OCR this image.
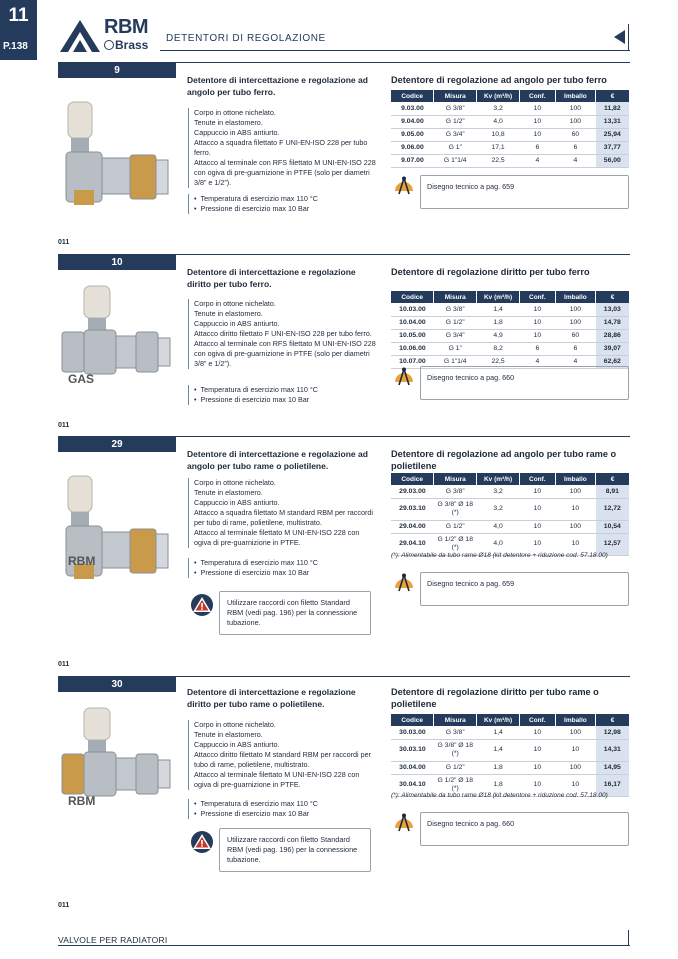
11
P.138
RBM
Brass DETENTORI DI REGOLAZIONE
9
Detentore di intercettazione e regolazione ad angolo per tubo ferro.
Corpo in ottone nichelato.
Tenute in elastomero.
Cappuccio in ABS antiurto.
Attacco a squadra filettato F UNI-EN-ISO 228 per tubo ferro.
Attacco al terminale con RFS filettato M UNI-EN-ISO 228 con ogiva di pre-guarnizione in PTFE (solo per diametri 3/8” e 1/2”).
• Temperatura di esercizio max 110 °C
• Pressione di esercizio max 10 Bar
Detentore di regolazione ad angolo per tubo ferro
Codice	Misura	Kv (m³/h)	Conf.	Imballo	€
9.03.00	G 3/8”	3,2	10	100	11,82
9.04.00	G 1/2”	4,0	10	100	13,31
9.05.00	G 3/4”	10,8	10	60	25,94
9.06.00	G 1”	17,1	6	6	37,77
9.07.00	G 1”1/4	22,5	4	4	56,00
Disegno tecnico a pag. 659
011
10
GAS
Detentore di intercettazione e regolazione diritto per tubo ferro.
Corpo in ottone nichelato.
Tenute in elastomero.
Cappuccio in ABS antiurto.
Attacco diritto filettato F UNI-EN-ISO 228 per tubo ferro.
Attacco al terminale con RFS filettato M UNI-EN-ISO 228 con ogiva di pre-guarnizione in PTFE (solo per diametri 3/8” e 1/2”).
• Temperatura di esercizio max 110 °C
• Pressione di esercizio max 10 Bar
Detentore di regolazione diritto per tubo ferro
Codice	Misura	Kv (m³/h)	Conf.	Imballo	€
10.03.00	G 3/8”	1,4	10	100	13,03
10.04.00	G 1/2”	1,8	10	100	14,78
10.05.00	G 3/4”	4,9	10	60	28,86
10.06.00	G 1”	8,2	6	6	39,07
10.07.00	G 1”1/4	22,5	4	4	62,62
Disegno tecnico a pag. 660
011
29
RBM
Detentore di intercettazione e regolazione ad angolo per tubo rame o polietilene.
Corpo in ottone nichelato.
Tenute in elastomero.
Cappuccio in ABS antiurto.
Attacco a squadra filettato M standard RBM per raccordi per tubo di rame, polietilene, multistrato.
Attacco al terminale filettato M UNI-EN-ISO 228 con ogiva di pre-guarnizione in PTFE.
• Temperatura di esercizio max 110 °C
• Pressione di esercizio max 10 Bar
Utilizzare raccordi con filetto Standard RBM (vedi pag. 196) per la connessione tubazione.
Detentore di regolazione ad angolo per tubo rame o polietilene
Codice	Misura	Kv (m³/h)	Conf.	Imballo	€
29.03.00	G 3/8”	3,2	10	100	8,91
29.03.10	G 3/8” Ø 18 (*)	3,2	10	10	12,72
29.04.00	G 1/2”	4,0	10	100	10,54
29.04.10	G 1/2” Ø 18 (*)	4,0	10	10	12,57
(*): Alimentabile da tubo rame Ø18 (kit detentore + riduzione cod. 57.18.00)
Disegno tecnico a pag. 659
011
30
RBM
Detentore di intercettazione e regolazione diritto per tubo rame o polietilene.
Corpo in ottone nichelato.
Tenute in elastomero.
Cappuccio in ABS antiurto.
Attacco diritto filettato M standard RBM per raccordi per tubo di rame, polietilene, multistrato.
Attacco al terminale filettato M UNI-EN-ISO 228 con ogiva di pre-guarnizione in PTFE.
• Temperatura di esercizio max 110 °C
• Pressione di esercizio max 10 Bar
Utilizzare raccordi con filetto Standard RBM (vedi pag. 196) per la connessione tubazione.
Detentore di regolazione diritto per tubo rame o polietilene
Codice	Misura	Kv (m³/h)	Conf.	Imballo	€
30.03.00	G 3/8”	1,4	10	100	12,98
30.03.10	G 3/8” Ø 18 (*)	1,4	10	10	14,31
30.04.00	G 1/2”	1,8	10	100	14,95
30.04.10	G 1/2” Ø 18 (*)	1,8	10	10	16,17
(*): Alimentabile da tubo rame Ø18 (kit detentore + riduzione cod. 57.18.00)
Disegno tecnico a pag. 660
011
VALVOLE PER RADIATORI
